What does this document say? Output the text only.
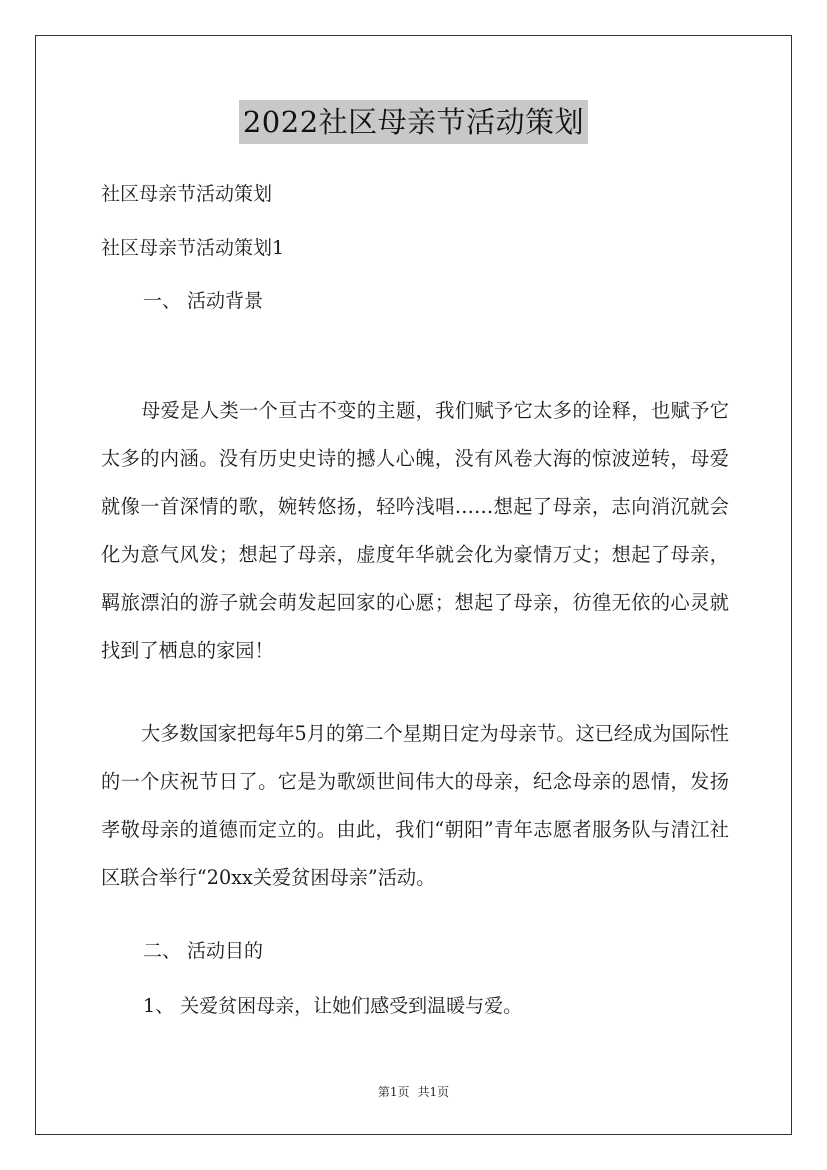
2022社区母亲节活动策划
社区母亲节活动策划
社区母亲节活动策划1
一、 活动背景
母爱是人类一个亘古不变的主题，我们赋予它太多的诠释，也赋予它太多的内涵。没有历史史诗的撼人心魄，没有风卷大海的惊波逆转，母爱就像一首深情的歌，婉转悠扬，轻吟浅唱……想起了母亲，志向消沉就会化为意气风发；想起了母亲，虚度年华就会化为豪情万丈；想起了母亲，羁旅漂泊的游子就会萌发起回家的心愿；想起了母亲，彷徨无依的心灵就找到了栖息的家园！
大多数国家把每年5月的第二个星期日定为母亲节。这已经成为国际性的一个庆祝节日了。它是为歌颂世间伟大的母亲，纪念母亲的恩情，发扬孝敬母亲的道德而定立的。由此，我们“朝阳”青年志愿者服务队与清江社区联合举行“20xx关爱贫困母亲”活动。
二、 活动目的
1、 关爱贫困母亲，让她们感受到温暖与爱。
第1页 共1页
